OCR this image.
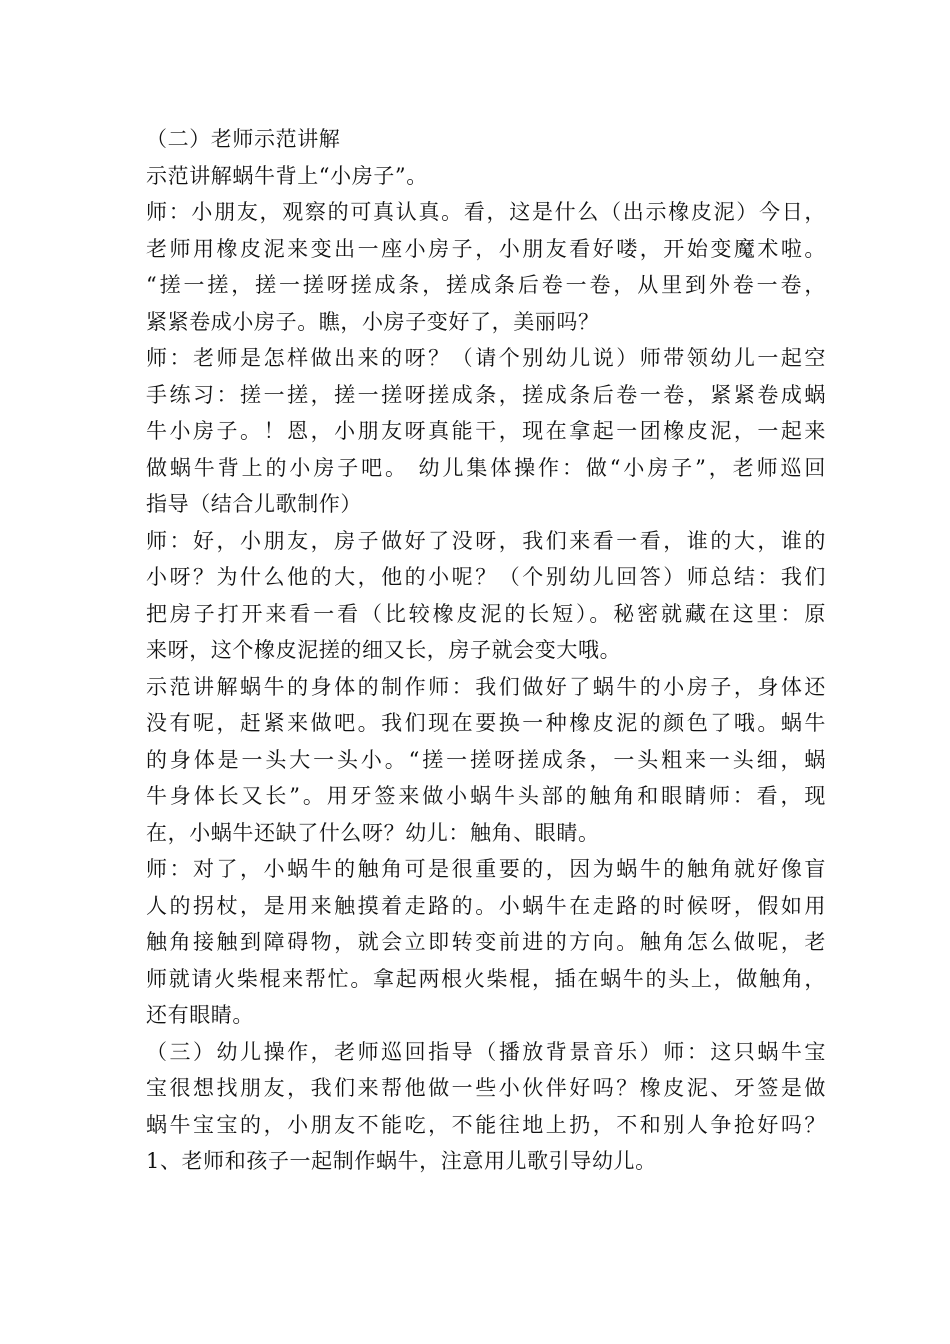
（二）老师示范讲解
示范讲解蜗牛背上“小房子”。
师：小朋友，观察的可真认真。看，这是什么（出示橡皮泥）今日，
老师用橡皮泥来变出一座小房子，小朋友看好喽，开始变魔术啦。
“搓一搓，搓一搓呀搓成条，搓成条后卷一卷，从里到外卷一卷，
紧紧卷成小房子。瞧，小房子变好了，美丽吗？
师：老师是怎样做出来的呀？（请个别幼儿说）师带领幼儿一起空
手练习：搓一搓，搓一搓呀搓成条，搓成条后卷一卷，紧紧卷成蜗
牛小房子。！恩，小朋友呀真能干，现在拿起一团橡皮泥，一起来
做蜗牛背上的小房子吧。 幼儿集体操作：做“小房子”，老师巡回
指导（结合儿歌制作）
师：好，小朋友，房子做好了没呀，我们来看一看，谁的大，谁的
小呀？为什么他的大，他的小呢？（个别幼儿回答）师总结：我们
把房子打开来看一看（比较橡皮泥的长短）。秘密就藏在这里：原
来呀，这个橡皮泥搓的细又长，房子就会变大哦。
示范讲解蜗牛的身体的制作师：我们做好了蜗牛的小房子，身体还
没有呢，赶紧来做吧。我们现在要换一种橡皮泥的颜色了哦。蜗牛
的身体是一头大一头小。“搓一搓呀搓成条，一头粗来一头细，蜗
牛身体长又长”。用牙签来做小蜗牛头部的触角和眼睛师：看，现
在，小蜗牛还缺了什么呀？幼儿：触角、眼睛。
师：对了，小蜗牛的触角可是很重要的，因为蜗牛的触角就好像盲
人的拐杖，是用来触摸着走路的。小蜗牛在走路的时候呀，假如用
触角接触到障碍物，就会立即转变前进的方向。触角怎么做呢，老
师就请火柴棍来帮忙。拿起两根火柴棍，插在蜗牛的头上，做触角，
还有眼睛。
（三）幼儿操作，老师巡回指导（播放背景音乐）师：这只蜗牛宝
宝很想找朋友，我们来帮他做一些小伙伴好吗？橡皮泥、牙签是做
蜗牛宝宝的，小朋友不能吃，不能往地上扔，不和别人争抢好吗？
1、老师和孩子一起制作蜗牛，注意用儿歌引导幼儿。
